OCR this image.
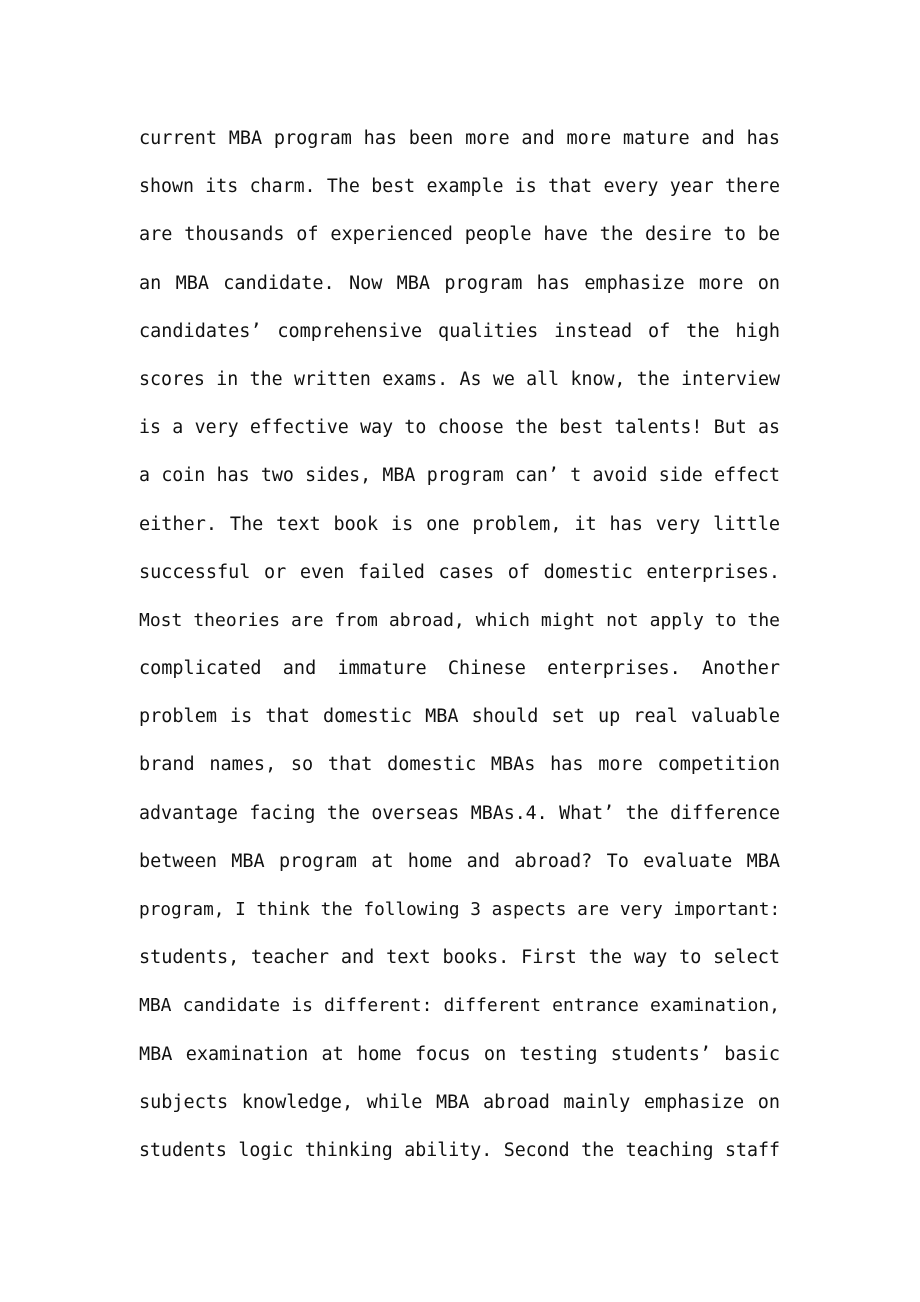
current MBA program has been more and more mature and has
shown its charm. The best example is that every year there
are thousands of experienced people have the desire to be
an MBA candidate. Now MBA program has emphasize more on
candidates’ comprehensive qualities instead of the high
scores in the written exams. As we all know, the interview
is a very effective way to choose the best talents! But as
a coin has two sides, MBA program can’ t avoid side effect
either. The text book is one problem, it has very little
successful or even failed cases of domestic enterprises.
Most theories are from abroad, which might not apply to the
complicated and immature Chinese enterprises. Another
problem is that domestic MBA should set up real valuable
brand names, so that domestic MBAs has more competition
advantage facing the overseas MBAs.4. What’ the difference
between MBA program at home and abroad? To evaluate MBA
program, I think the following 3 aspects are very important:
students, teacher and text books. First the way to select
MBA candidate is different: different entrance examination,
MBA examination at home focus on testing students’ basic
subjects knowledge, while MBA abroad mainly emphasize on
students logic thinking ability. Second the teaching staff
